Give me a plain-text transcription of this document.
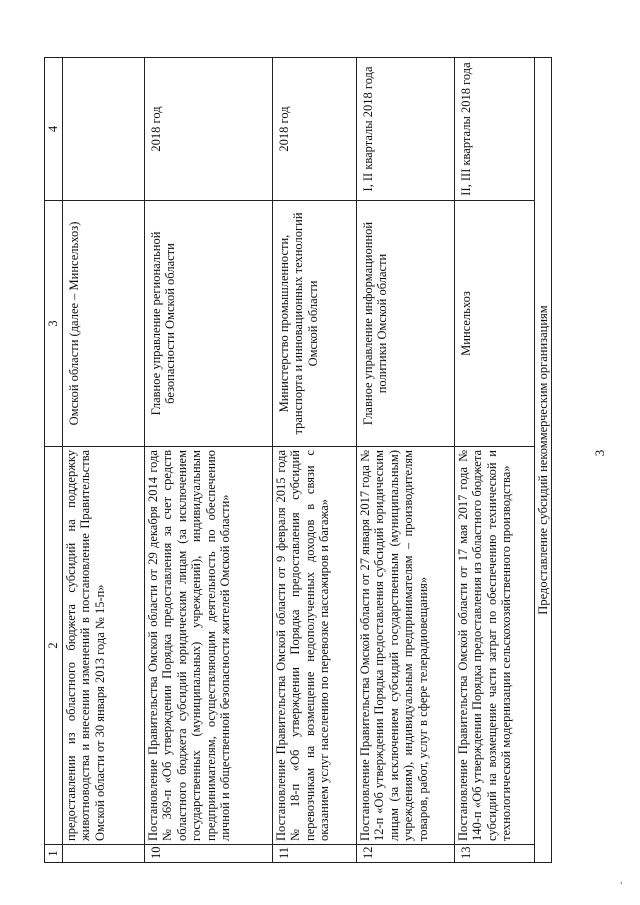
·
3
1	2	3	4
	предоставлении из областного бюджета субсидий на поддержку животноводства и внесении изменений в постановление Правительства Омской области от 30 января 2013 года № 15-п»	Омской области (далее – Минсельхоз)	
10	Постановление Правительства Омской области от 29 декабря 2014 года № 369-п «Об утверждении Порядка предоставления за счет средств областного бюджета субсидий юридическим лицам (за исключением государственных (муниципальных) учреждений), индивидуальным предпринимателям, осуществляющим деятельность по обеспечению личной и общественной безопасности жителей Омской области»	Главное управление региональной безопасности Омской области	2018 год
11	Постановление Правительства Омской области от 9 февраля 2015 года № 18-п «Об утверждении Порядка предоставления субсидий перевозчикам на возмещение недополученных доходов в связи с оказанием услуг населению по перевозке пассажиров и багажа»	Министерство промышленности, транспорта и инновационных технологий Омской области	2018 год
12	Постановление Правительства Омской области от 27 января 2017 года № 12-п «Об утверждении Порядка предоставления субсидий юридическим лицам (за исключением субсидий государственным (муниципальным) учреждениям), индивидуальным предпринимателям – производителям товаров, работ, услуг в сфере телерадиовещания»	Главное управление информационной политики Омской области	I, II кварталы 2018 года
13	Постановление Правительства Омской области от 17 мая 2017 года № 140-п «Об утверждении Порядка предоставления из областного бюджета субсидий на возмещение части затрат по обеспечению технической и технологической модернизации сельскохозяйственного производства»	Минсельхоз	II, III кварталы 2018 года
Предоставление субсидий некоммерческим организациям			
